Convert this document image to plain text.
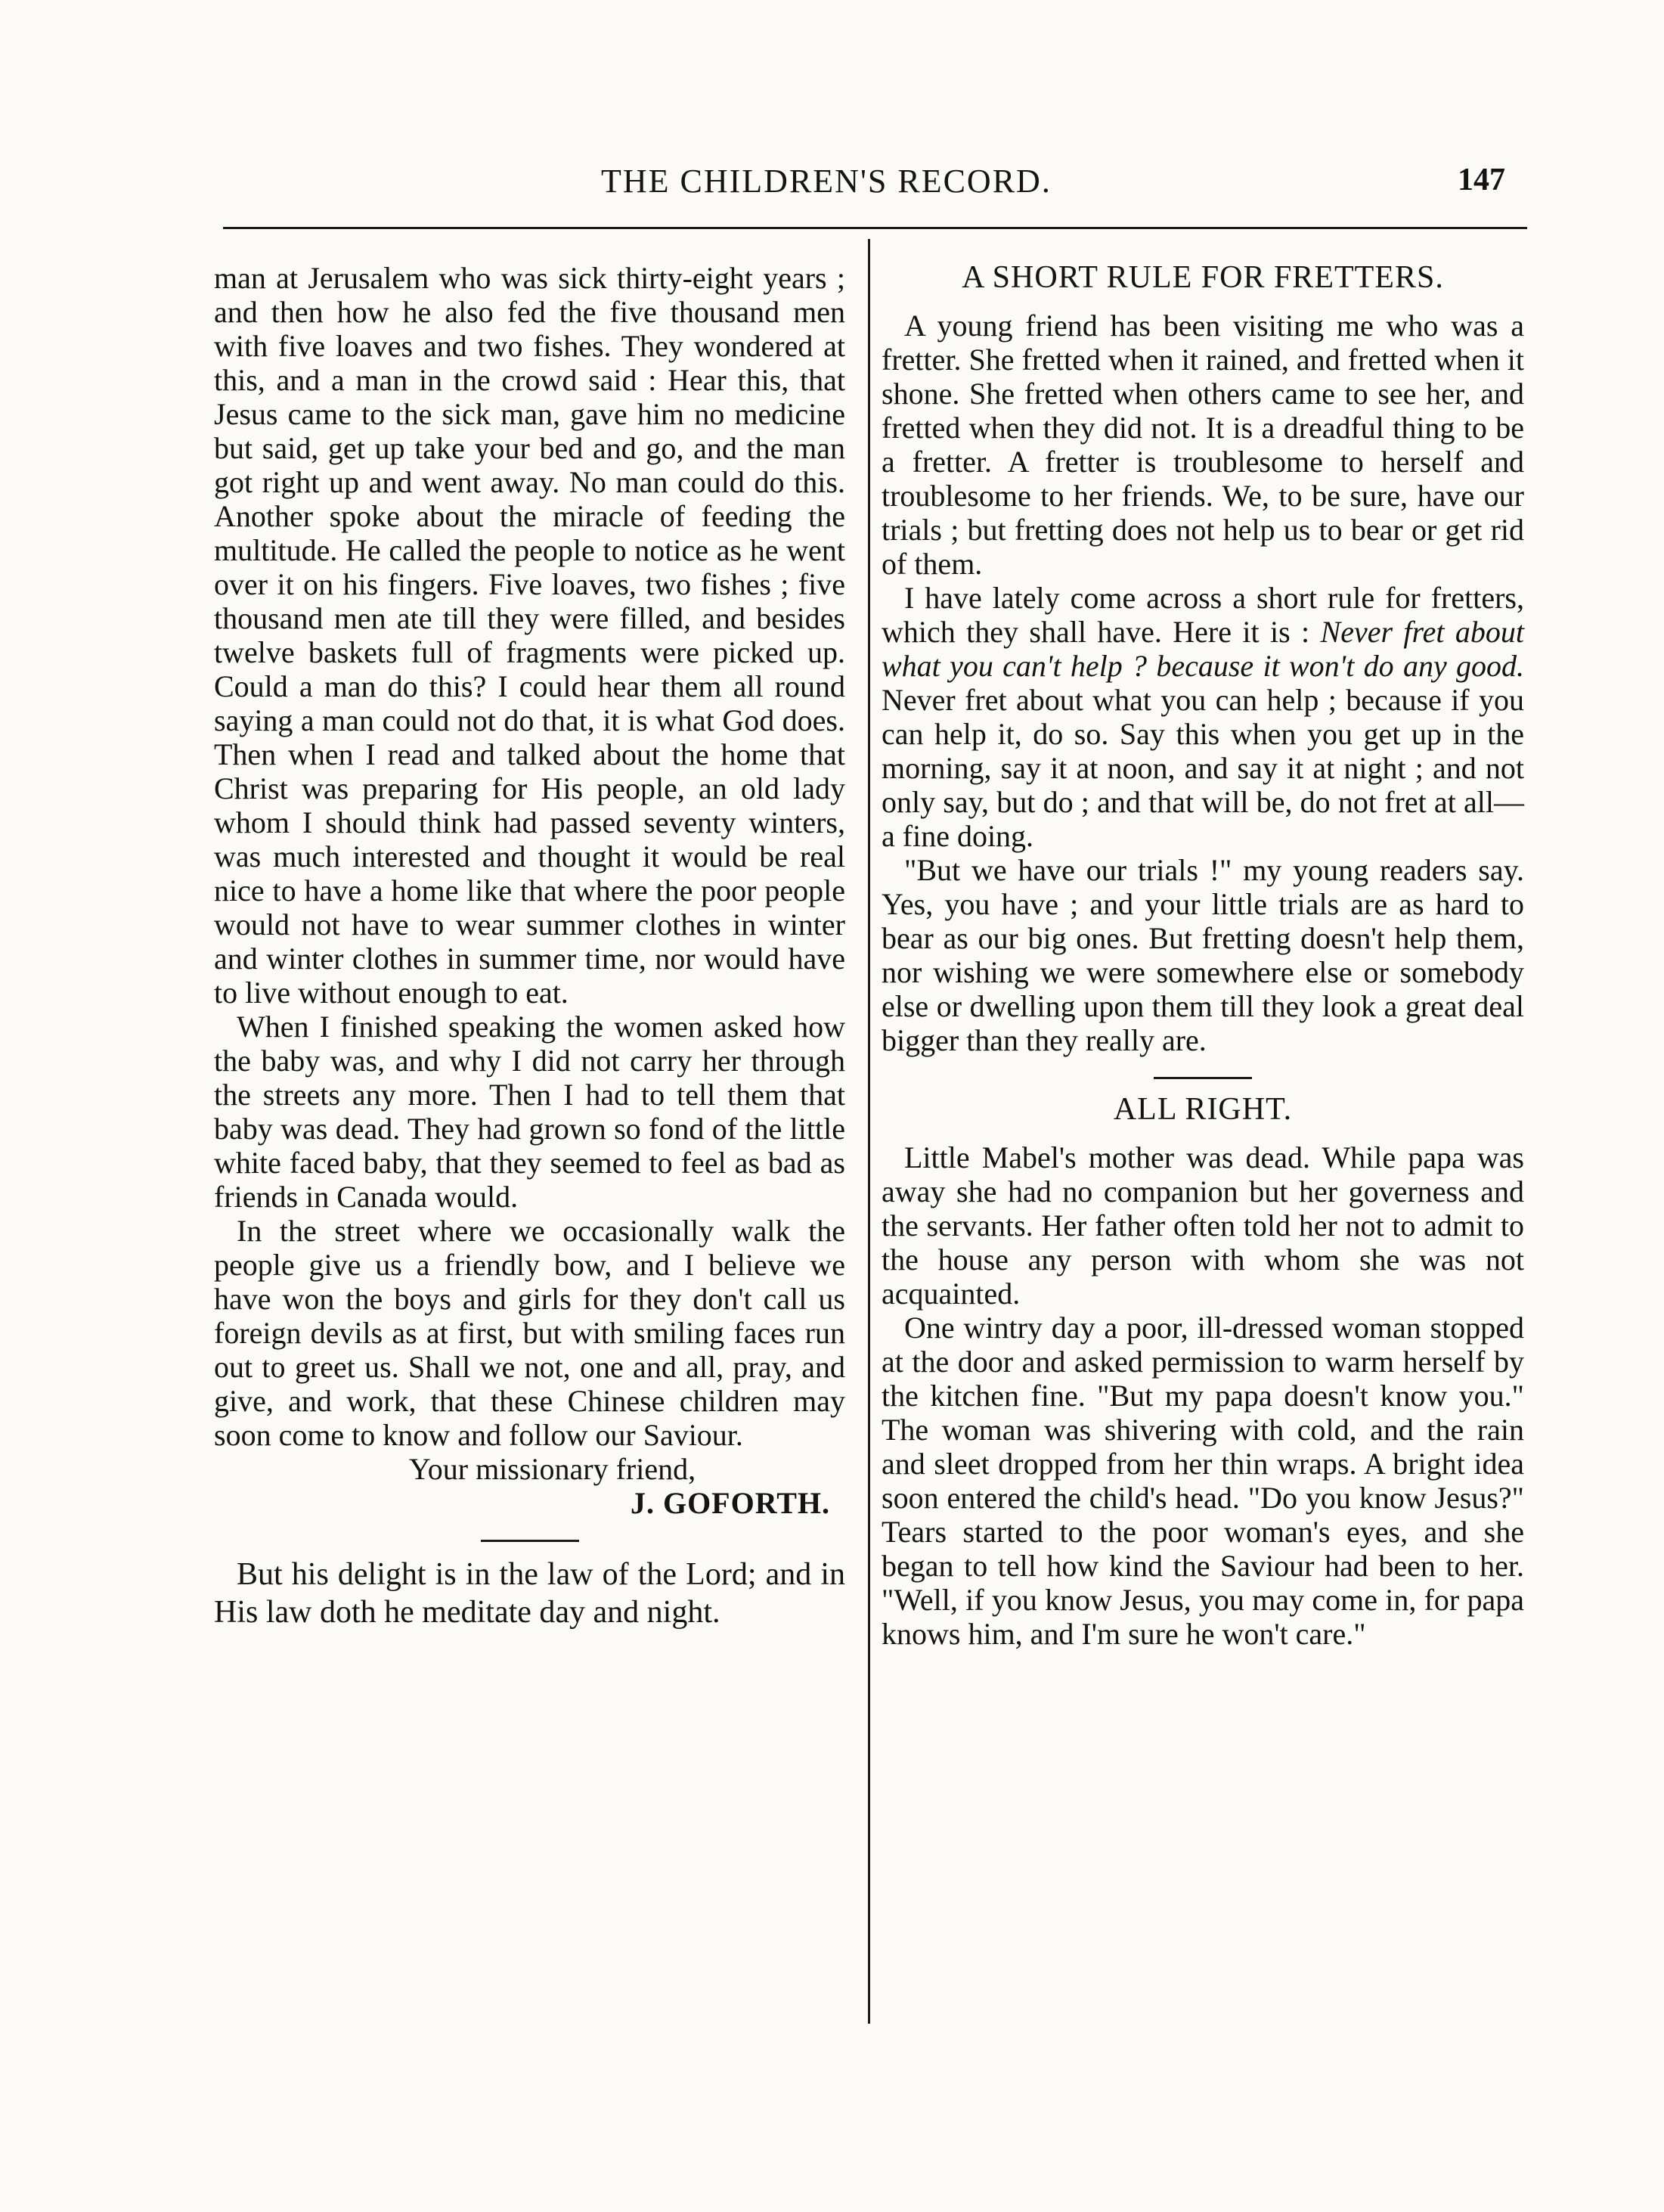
THE CHILDREN'S RECORD.	147

man at Jerusalem who was sick thirty-eight years ; and then how he also fed the five thousand men with five loaves and two fishes. They wondered at this, and a man in the crowd said : Hear this, that Jesus came to the sick man, gave him no medicine but said, get up take your bed and go, and the man got right up and went away. No man could do this. Another spoke about the miracle of feeding the multitude. He called the people to notice as he went over it on his fingers. Five loaves, two fishes ; five thousand men ate till they were filled, and besides twelve baskets full of fragments were picked up. Could a man do this? I could hear them all round saying a man could not do that, it is what God does. Then when I read and talked about the home that Christ was preparing for His people, an old lady whom I should think had passed seventy winters, was much interested and thought it would be real nice to have a home like that where the poor people would not have to wear summer clothes in winter and winter clothes in summer time, nor would have to live without enough to eat.

When I finished speaking the women asked how the baby was, and why I did not carry her through the streets any more. Then I had to tell them that baby was dead. They had grown so fond of the little white faced baby, that they seemed to feel as bad as friends in Canada would.

In the street where we occasionally walk the people give us a friendly bow, and I believe we have won the boys and girls for they don't call us foreign devils as at first, but with smiling faces run out to greet us. Shall we not, one and all, pray, and give, and work, that these Chinese children may soon come to know and follow our Saviour.

Your missionary friend,

J. GOFORTH.

But his delight is in the law of the Lord; and in His law doth he meditate day and night.

A SHORT RULE FOR FRETTERS.

A young friend has been visiting me who was a fretter. She fretted when it rained, and fretted when it shone. She fretted when others came to see her, and fretted when they did not. It is a dreadful thing to be a fretter. A fretter is troublesome to herself and troublesome to her friends. We, to be sure, have our trials ; but fretting does not help us to bear or get rid of them.

I have lately come across a short rule for fretters, which they shall have. Here it is : Never fret about what you can't help ? because it won't do any good. Never fret about what you can help ; because if you can help it, do so. Say this when you get up in the morning, say it at noon, and say it at night ; and not only say, but do ; and that will be, do not fret at all—a fine doing.

"But we have our trials !" my young readers say. Yes, you have ; and your little trials are as hard to bear as our big ones. But fretting doesn't help them, nor wishing we were somewhere else or somebody else or dwelling upon them till they look a great deal bigger than they really are.

ALL RIGHT.

Little Mabel's mother was dead. While papa was away she had no companion but her governess and the servants. Her father often told her not to admit to the house any person with whom she was not acquainted.

One wintry day a poor, ill-dressed woman stopped at the door and asked permission to warm herself by the kitchen fine. "But my papa doesn't know you." The woman was shivering with cold, and the rain and sleet dropped from her thin wraps. A bright idea soon entered the child's head. "Do you know Jesus?" Tears started to the poor woman's eyes, and she began to tell how kind the Saviour had been to her. "Well, if you know Jesus, you may come in, for papa knows him, and I'm sure he won't care."
